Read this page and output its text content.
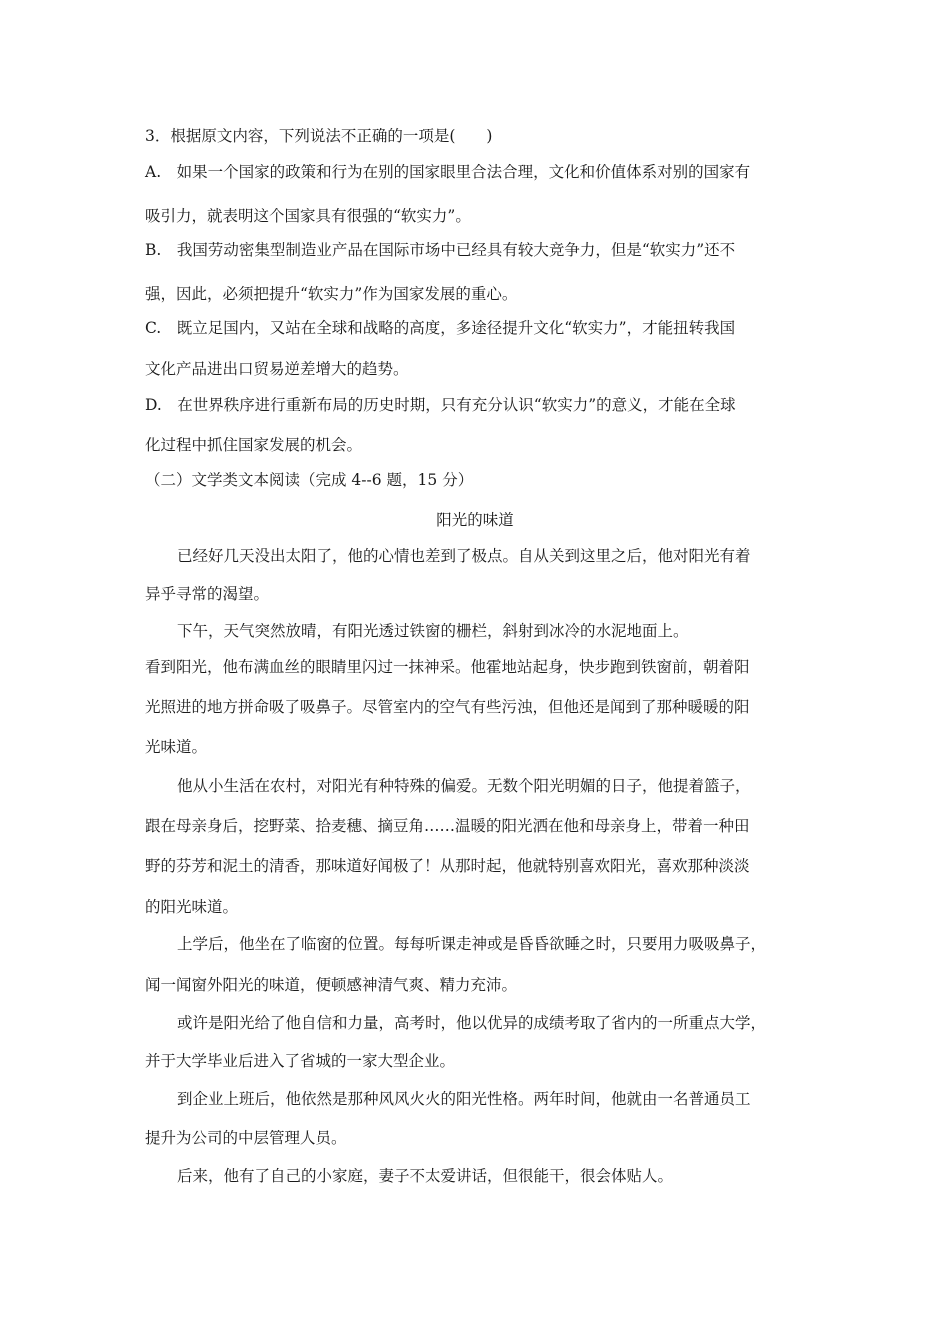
3．根据原文内容，下列说法不正确的一项是(　　)
A.　如果一个国家的政策和行为在别的国家眼里合法合理，文化和价值体系对别的国家有
吸引力，就表明这个国家具有很强的“软实力”。
B.　我国劳动密集型制造业产品在国际市场中已经具有较大竞争力，但是“软实力”还不
强，因此，必须把提升“软实力”作为国家发展的重心。
C.　既立足国内，又站在全球和战略的高度，多途径提升文化“软实力”，才能扭转我国
文化产品进出口贸易逆差增大的趋势。
D.　在世界秩序进行重新布局的历史时期，只有充分认识“软实力”的意义，才能在全球
化过程中抓住国家发展的机会。
（二）文学类文本阅读（完成 4--6 题，15 分）
阳光的味道
已经好几天没出太阳了，他的心情也差到了极点。自从关到这里之后，他对阳光有着
异乎寻常的渴望。
下午，天气突然放晴，有阳光透过铁窗的栅栏，斜射到冰冷的水泥地面上。
看到阳光，他布满血丝的眼睛里闪过一抹神采。他霍地站起身，快步跑到铁窗前，朝着阳
光照进的地方拼命吸了吸鼻子。尽管室内的空气有些污浊，但他还是闻到了那种暖暖的阳
光味道。
他从小生活在农村，对阳光有种特殊的偏爱。无数个阳光明媚的日子，他提着篮子，
跟在母亲身后，挖野菜、拾麦穗、摘豆角……温暖的阳光洒在他和母亲身上，带着一种田
野的芬芳和泥土的清香，那味道好闻极了！从那时起，他就特别喜欢阳光，喜欢那种淡淡
的阳光味道。
上学后，他坐在了临窗的位置。每每听课走神或是昏昏欲睡之时，只要用力吸吸鼻子，
闻一闻窗外阳光的味道，便顿感神清气爽、精力充沛。
或许是阳光给了他自信和力量，高考时，他以优异的成绩考取了省内的一所重点大学，
并于大学毕业后进入了省城的一家大型企业。
到企业上班后，他依然是那种风风火火的阳光性格。两年时间，他就由一名普通员工
提升为公司的中层管理人员。
后来，他有了自己的小家庭，妻子不太爱讲话，但很能干，很会体贴人。
